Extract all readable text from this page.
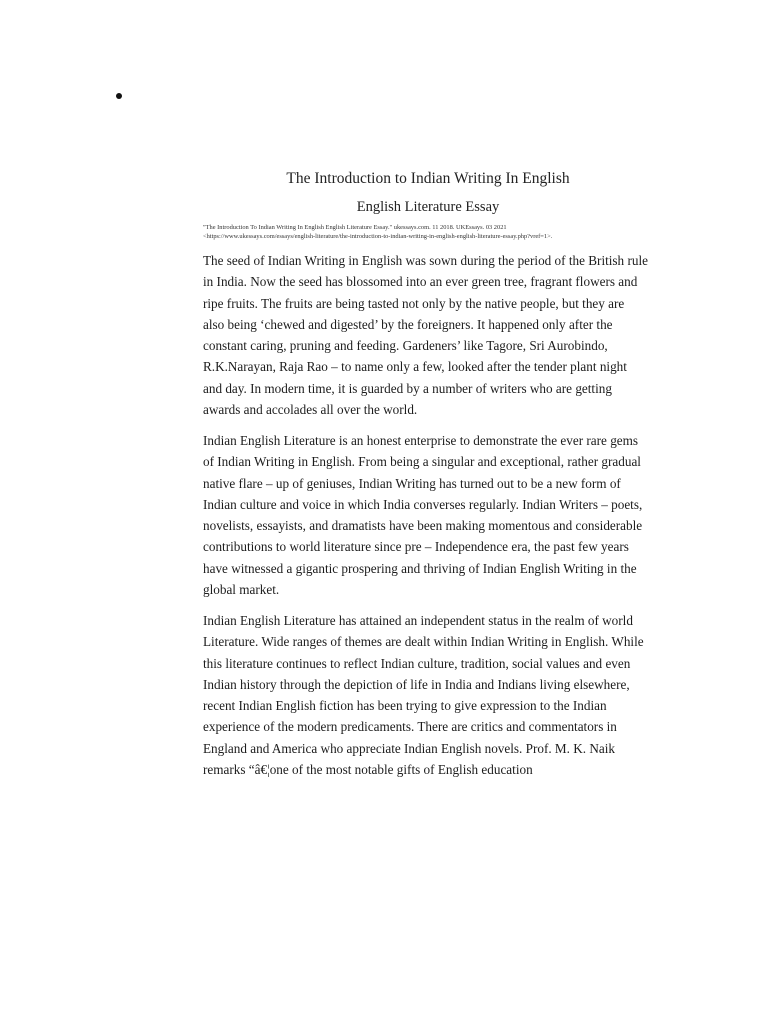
The Introduction to Indian Writing In English
English Literature Essay

"The Introduction To Indian Writing In English English Literature Essay." ukessays.com. 11 2018. UKEssays. 03 2021
<https://www.ukessays.com/essays/english-literature/the-introduction-to-indian-writing-in-english-english-literature-essay.php?vref=1>.

The seed of Indian Writing in English was sown during the period of the British rule in India. Now the seed has blossomed into an ever green tree, fragrant flowers and ripe fruits. The fruits are being tasted not only by the native people, but they are also being ‘chewed and digested’ by the foreigners. It happened only after the constant caring, pruning and feeding. Gardeners’ like Tagore, Sri Aurobindo, R.K.Narayan, Raja Rao – to name only a few, looked after the tender plant night and day. In modern time, it is guarded by a number of writers who are getting awards and accolades all over the world.

Indian English Literature is an honest enterprise to demonstrate the ever rare gems of Indian Writing in English. From being a singular and exceptional, rather gradual native flare – up of geniuses, Indian Writing has turned out to be a new form of Indian culture and voice in which India converses regularly. Indian Writers – poets, novelists, essayists, and dramatists have been making momentous and considerable contributions to world literature since pre – Independence era, the past few years have witnessed a gigantic prospering and thriving of Indian English Writing in the global market.

Indian English Literature has attained an independent status in the realm of world Literature. Wide ranges of themes are dealt within Indian Writing in English. While this literature continues to reflect Indian culture, tradition, social values and even Indian history through the depiction of life in India and Indians living elsewhere, recent Indian English fiction has been trying to give expression to the Indian experience of the modern predicaments. There are critics and commentators in England and America who appreciate Indian English novels. Prof. M. K. Naik remarks “â€¦one of the most notable gifts of English education
